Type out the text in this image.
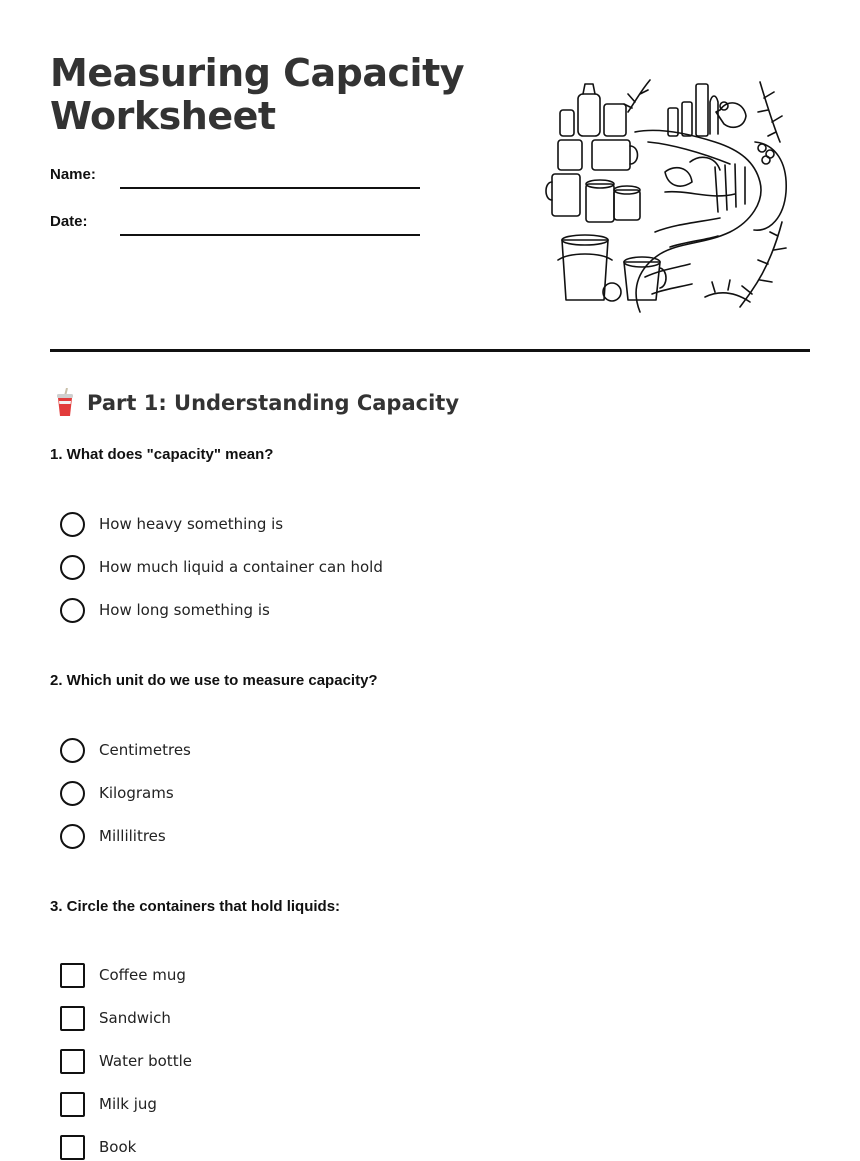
Measuring Capacity
Worksheet
Name:
Date:
Part 1: Understanding Capacity
1. What does "capacity" mean?
How heavy something is
How much liquid a container can hold
How long something is
2. Which unit do we use to measure capacity?
Centimetres
Kilograms
Millilitres
3. Circle the containers that hold liquids:
Coffee mug
Sandwich
Water bottle
Milk jug
Book
